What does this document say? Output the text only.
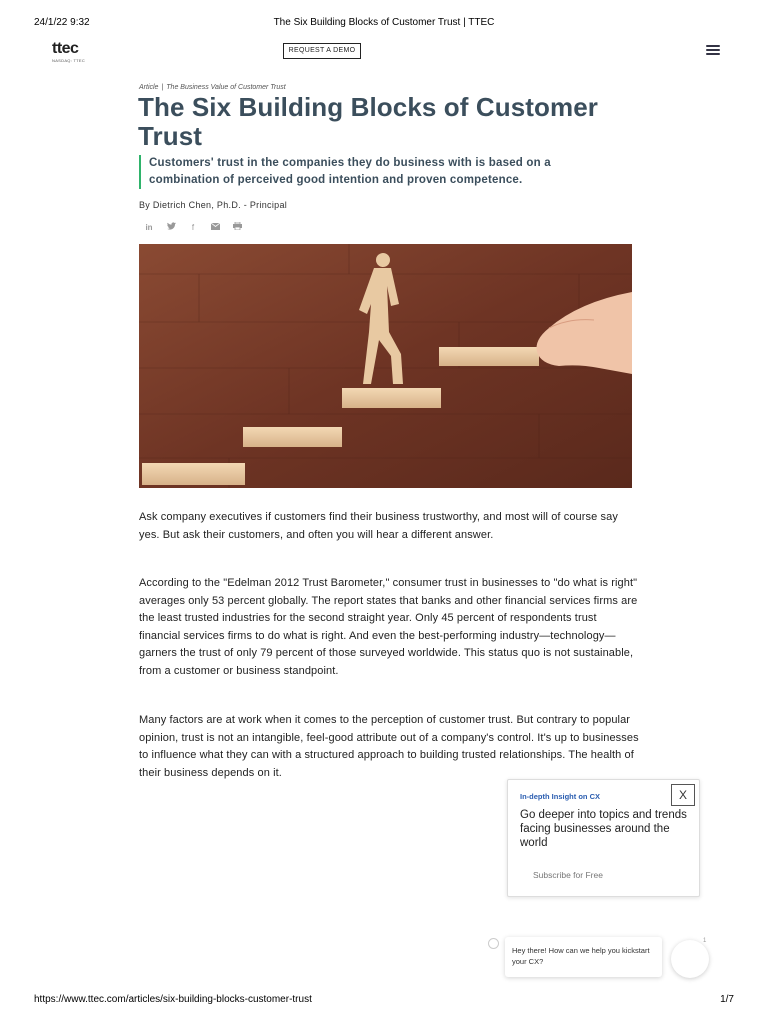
24/1/22 9:32	The Six Building Blocks of Customer Trust | TTEC
ttec
NASDAQ: TTEC
REQUEST A DEMO
Article | The Business Value of Customer Trust
The Six Building Blocks of Customer Trust
Customers' trust in the companies they do business with is based on a combination of perceived good intention and proven competence.
By Dietrich Chen, Ph.D. - Principal
in	f

Ask company executives if customers find their business trustworthy, and most will of course say yes. But ask their customers, and often you will hear a different answer.

According to the "Edelman 2012 Trust Barometer," consumer trust in businesses to "do what is right" averages only 53 percent globally. The report states that banks and other financial services firms are the least trusted industries for the second straight year. Only 45 percent of respondents trust financial services firms to do what is right. And even the best-performing industry—technology—garners the trust of only 79 percent of those surveyed worldwide. This status quo is not sustainable, from a customer or business standpoint.

Many factors are at work when it comes to the perception of customer trust. But contrary to popular opinion, trust is not an intangible, feel-good attribute out of a company's control. It's up to businesses to influence what they can with a structured approach to building trusted relationships. The health of their business depends on it.

In-depth Insight on CX	X
Go deeper into topics and trends facing businesses around the world
Subscribe for Free
Hey there! How can we help you kickstart your CX?
1
https://www.ttec.com/articles/six-building-blocks-customer-trust	1/7
